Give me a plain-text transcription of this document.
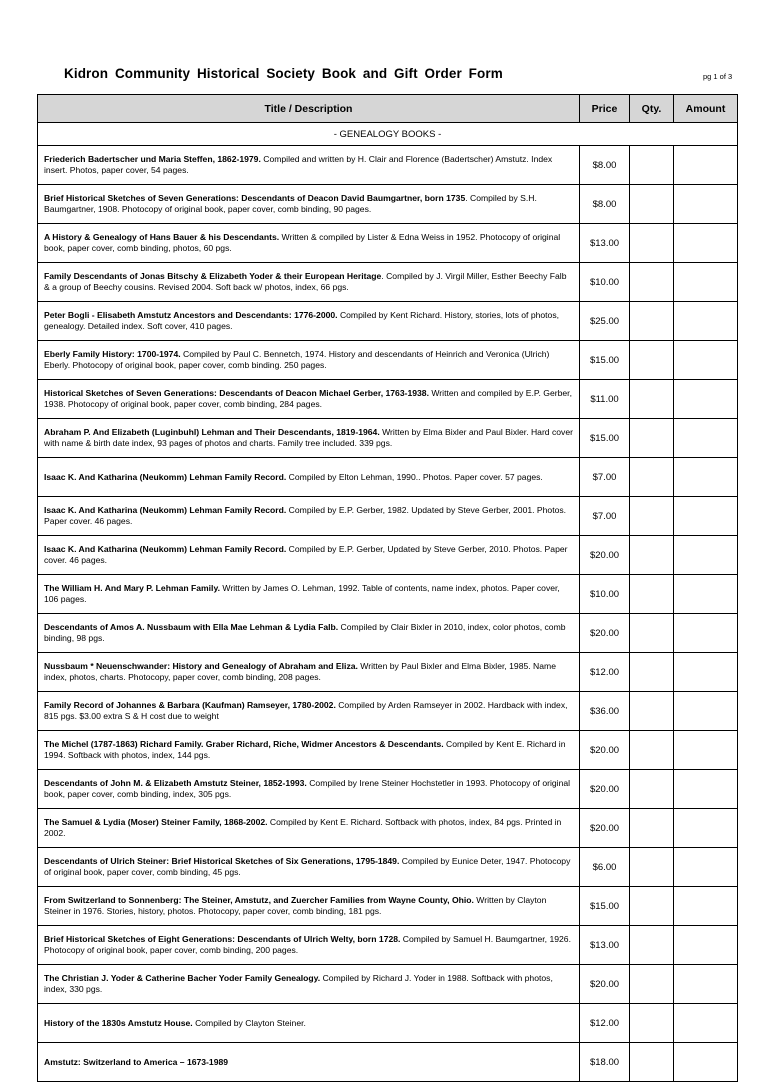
Kidron Community Historical Society Book and Gift Order Form	pg 1 of 3
Title / Description	Price	Qty.	Amount
- GENEALOGY BOOKS -			
Friederich Badertscher und Maria Steffen, 1862-1979. Compiled and written by H. Clair and Florence (Badertscher) Amstutz. Index insert. Photos, paper cover, 54 pages.	$8.00		
Brief Historical Sketches of Seven Generations: Descendants of Deacon David Baumgartner, born 1735. Compiled by S.H. Baumgartner, 1908. Photocopy of original book, paper cover, comb binding, 90 pages.	$8.00		
A History & Genealogy of Hans Bauer & his Descendants. Written & compiled by Lister & Edna Weiss in 1952. Photocopy of original book, paper cover, comb binding, photos, 60 pgs.	$13.00		
Family Descendants of Jonas Bitschy & Elizabeth Yoder & their European Heritage. Compiled by J. Virgil Miller, Esther Beechy Falb & a group of Beechy cousins. Revised 2004. Soft back w/ photos, index, 66 pgs.	$10.00		
Peter Bogli - Elisabeth Amstutz Ancestors and Descendants: 1776-2000. Compiled by Kent Richard. History, stories, lots of photos, genealogy. Detailed index. Soft cover, 410 pages.	$25.00		
Eberly Family History: 1700-1974. Compiled by Paul C. Bennetch, 1974. History and descendants of Heinrich and Veronica (Ulrich) Eberly. Photocopy of original book, paper cover, comb binding. 250 pages.	$15.00		
Historical Sketches of Seven Generations: Descendants of Deacon Michael Gerber, 1763-1938. Written and compiled by E.P. Gerber, 1938. Photocopy of original book, paper cover, comb binding, 284 pages.	$11.00		
Abraham P. And Elizabeth (Luginbuhl) Lehman and Their Descendants, 1819-1964. Written by Elma Bixler and Paul Bixler. Hard cover with name & birth date index, 93 pages of photos and charts. Family tree included. 339 pgs.	$15.00		
Isaac K. And Katharina (Neukomm) Lehman Family Record. Compiled by Elton Lehman, 1990.. Photos. Paper cover. 57 pages.	$7.00		
Isaac K. And Katharina (Neukomm) Lehman Family Record. Compiled by E.P. Gerber, 1982. Updated by Steve Gerber, 2001. Photos. Paper cover. 46 pages.	$7.00		
Isaac K. And Katharina (Neukomm) Lehman Family Record. Compiled by E.P. Gerber, Updated by Steve Gerber, 2010. Photos. Paper cover. 46 pages.	$20.00		
The William H. And Mary P. Lehman Family. Written by James O. Lehman, 1992. Table of contents, name index, photos. Paper cover, 106 pages.	$10.00		
Descendants of Amos A. Nussbaum with Ella Mae Lehman & Lydia Falb. Compiled by Clair Bixler in 2010, index, color photos, comb binding, 98 pgs.	$20.00		
Nussbaum * Neuenschwander: History and Genealogy of Abraham and Eliza. Written by Paul Bixler and Elma Bixler, 1985. Name index, photos, charts. Photocopy, paper cover, comb binding, 208 pages.	$12.00		
Family Record of Johannes & Barbara (Kaufman) Ramseyer, 1780-2002. Compiled by Arden Ramseyer in 2002. Hardback with index, 815 pgs. $3.00 extra S & H cost due to weight	$36.00		
The Michel (1787-1863) Richard Family. Graber Richard, Riche, Widmer Ancestors & Descendants. Compiled by Kent E. Richard in 1994. Softback with photos, index, 144 pgs.	$20.00		
Descendants of John M. & Elizabeth Amstutz Steiner, 1852-1993. Compiled by Irene Steiner Hochstetler in 1993. Photocopy of original book, paper cover, comb binding, index, 305 pgs.	$20.00		
The Samuel & Lydia (Moser) Steiner Family, 1868-2002. Compiled by Kent E. Richard. Softback with photos, index, 84 pgs. Printed in 2002.	$20.00		
Descendants of Ulrich Steiner: Brief Historical Sketches of Six Generations, 1795-1849. Compiled by Eunice Deter, 1947. Photocopy of original book, paper cover, comb binding, 45 pgs.	$6.00		
From Switzerland to Sonnenberg: The Steiner, Amstutz, and Zuercher Families from Wayne County, Ohio. Written by Clayton Steiner in 1976. Stories, history, photos. Photocopy, paper cover, comb binding, 181 pgs.	$15.00		
Brief Historical Sketches of Eight Generations: Descendants of Ulrich Welty, born 1728. Compiled by Samuel H. Baumgartner, 1926. Photocopy of original book, paper cover, comb binding, 200 pages.	$13.00		
The Christian J. Yoder & Catherine Bacher Yoder Family Genealogy. Compiled by Richard J. Yoder in 1988. Softback with photos, index, 330 pgs.	$20.00		
History of the 1830s Amstutz House. Compiled by Clayton Steiner.	$12.00		
Amstutz: Switzerland to America – 1673-1989	$18.00		
